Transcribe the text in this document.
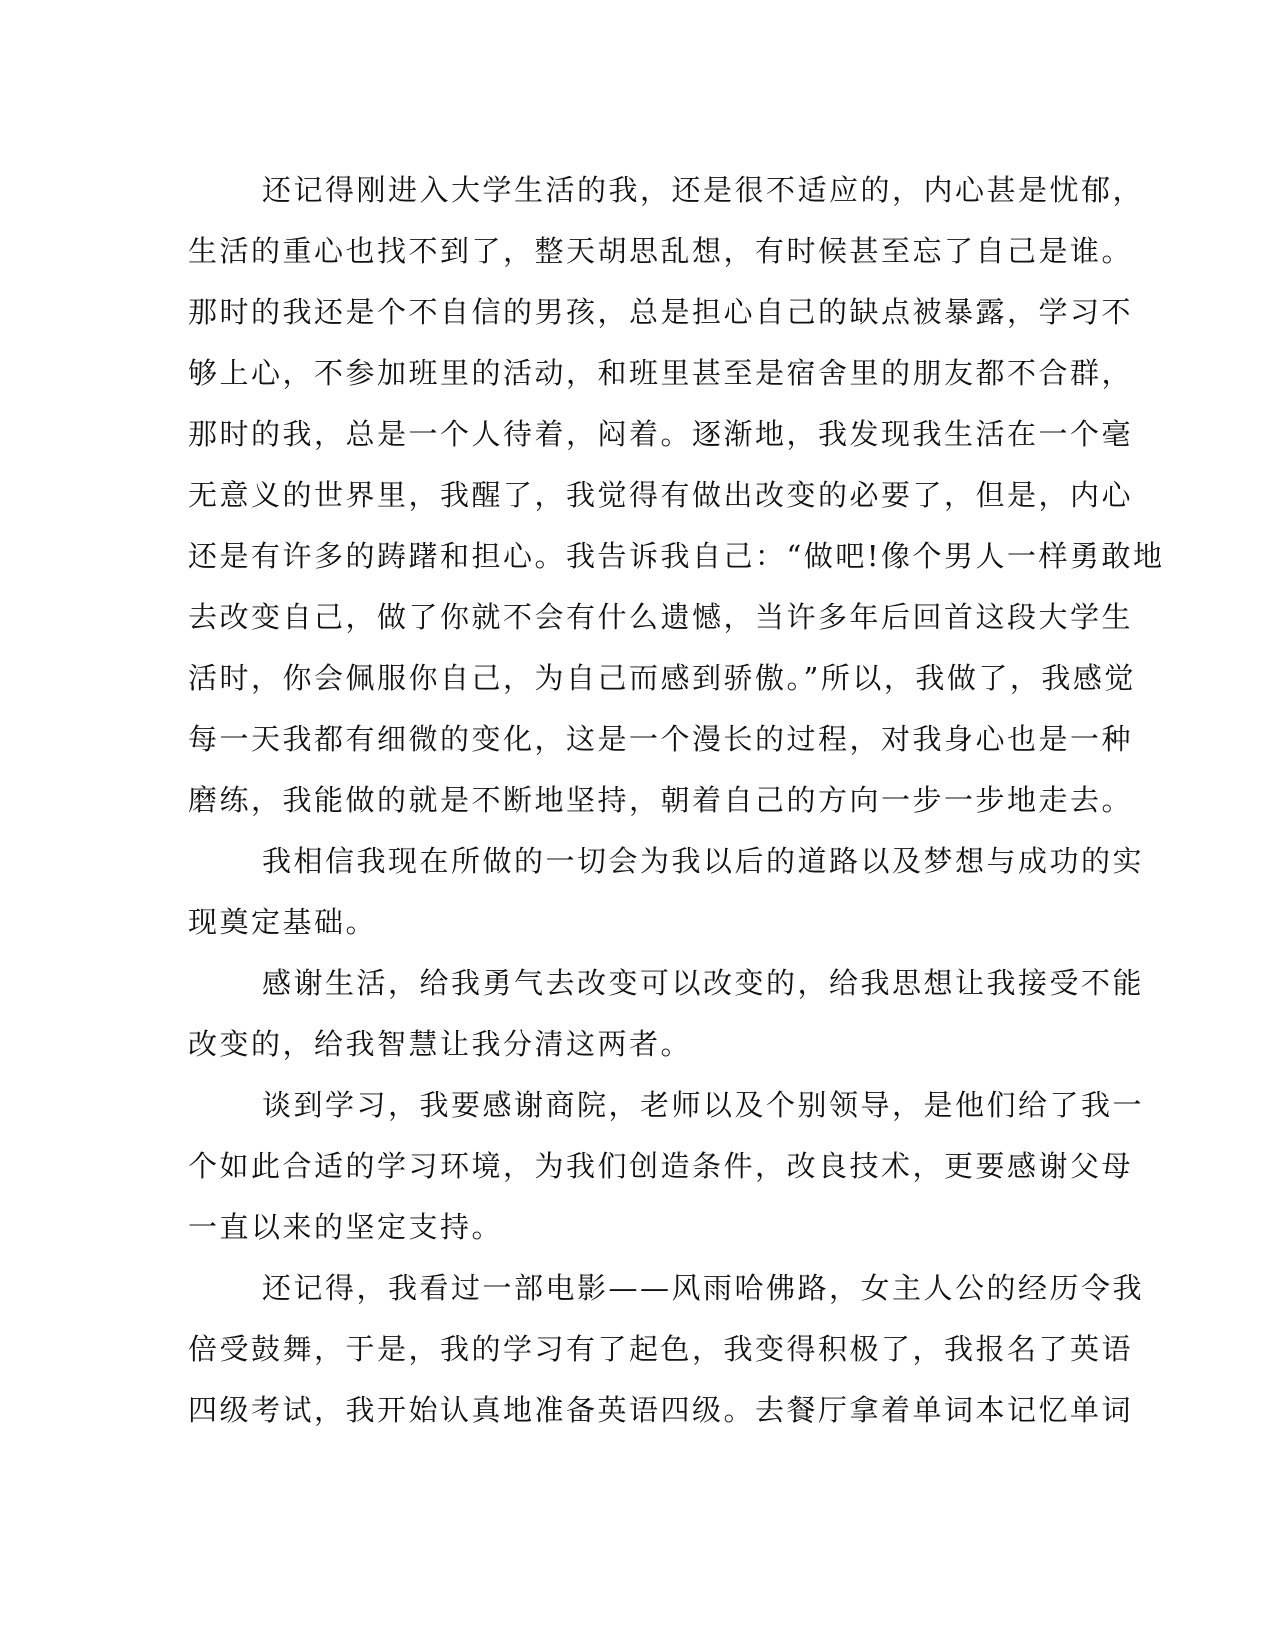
还记得刚进入大学生活的我，还是很不适应的，内心甚是忧郁，
生活的重心也找不到了，整天胡思乱想，有时候甚至忘了自己是谁。
那时的我还是个不自信的男孩，总是担心自己的缺点被暴露，学习不
够上心，不参加班里的活动，和班里甚至是宿舍里的朋友都不合群，
那时的我，总是一个人待着，闷着。逐渐地，我发现我生活在一个毫
无意义的世界里，我醒了，我觉得有做出改变的必要了，但是，内心
还是有许多的踌躇和担心。我告诉我自己：“做吧!像个男人一样勇敢地
去改变自己，做了你就不会有什么遗憾，当许多年后回首这段大学生
活时，你会佩服你自己，为自己而感到骄傲。”所以，我做了，我感觉
每一天我都有细微的变化，这是一个漫长的过程，对我身心也是一种
磨练，我能做的就是不断地坚持，朝着自己的方向一步一步地走去。
我相信我现在所做的一切会为我以后的道路以及梦想与成功的实
现奠定基础。
感谢生活，给我勇气去改变可以改变的，给我思想让我接受不能
改变的，给我智慧让我分清这两者。
谈到学习，我要感谢商院，老师以及个别领导，是他们给了我一
个如此合适的学习环境，为我们创造条件，改良技术，更要感谢父母
一直以来的坚定支持。
还记得，我看过一部电影——风雨哈佛路，女主人公的经历令我
倍受鼓舞，于是，我的学习有了起色，我变得积极了，我报名了英语
四级考试，我开始认真地准备英语四级。去餐厅拿着单词本记忆单词
